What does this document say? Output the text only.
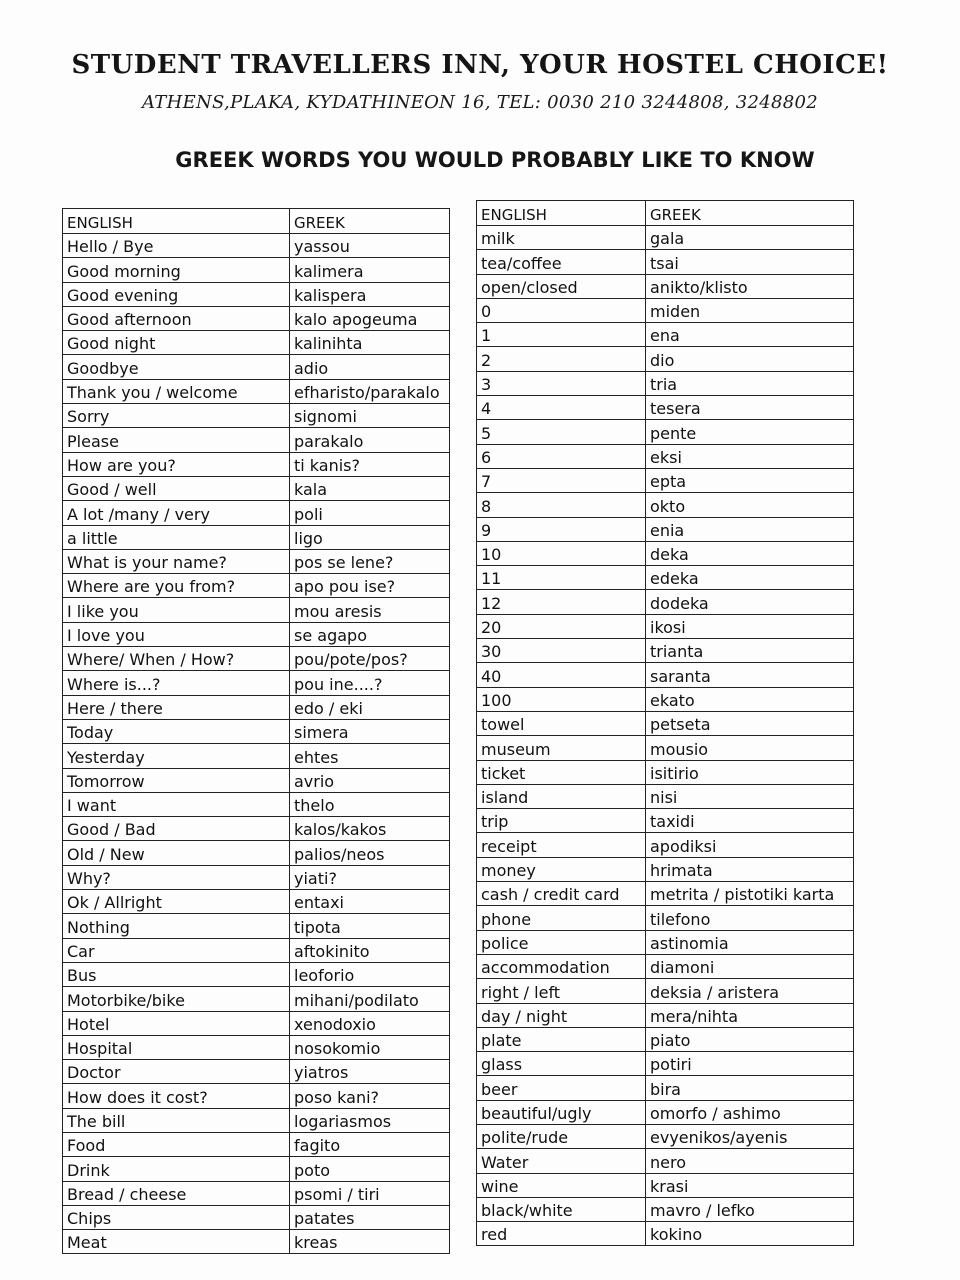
STUDENT TRAVELLERS INN, YOUR HOSTEL CHOICE!
ATHENS,PLAKA, KYDATHINEON 16, TEL: 0030 210 3244808, 3248802
GREEK WORDS YOU WOULD PROBABLY LIKE TO KNOW
ENGLISH	GREEK
Hello / Bye	yassou
Good morning	kalimera
Good evening	kalispera
Good afternoon	kalo apogeuma
Good night	kalinihta
Goodbye	adio
Thank you / welcome	efharisto/parakalo
Sorry	signomi
Please	parakalo
How are you?	ti kanis?
Good / well	kala
A lot /many / very	poli
a little	ligo
What is your name?	pos se lene?
Where are you from?	apo pou ise?
I like you	mou aresis
I love you	se agapo
Where/ When / How?	pou/pote/pos?
Where is...?	pou ine....?
Here / there	edo / eki
Today	simera
Yesterday	ehtes
Tomorrow	avrio
I want	thelo
Good / Bad	kalos/kakos
Old / New	palios/neos
Why?	yiati?
Ok / Allright	entaxi
Nothing	tipota
Car	aftokinito
Bus	leoforio
Motorbike/bike	mihani/podilato
Hotel	xenodoxio
Hospital	nosokomio
Doctor	yiatros
How does it cost?	poso kani?
The bill	logariasmos
Food	fagito
Drink	poto
Bread / cheese	psomi / tiri
Chips	patates
Meat	kreas
ENGLISH	GREEK
milk	gala
tea/coffee	tsai
open/closed	anikto/klisto
0	miden
1	ena
2	dio
3	tria
4	tesera
5	pente
6	eksi
7	epta
8	okto
9	enia
10	deka
11	edeka
12	dodeka
20	ikosi
30	trianta
40	saranta
100	ekato
towel	petseta
museum	mousio
ticket	isitirio
island	nisi
trip	taxidi
receipt	apodiksi
money	hrimata
cash / credit card	metrita / pistotiki karta
phone	tilefono
police	astinomia
accommodation	diamoni
right / left	deksia / aristera
day / night	mera/nihta
plate	piato
glass	potiri
beer	bira
beautiful/ugly	omorfo / ashimo
polite/rude	evyenikos/ayenis
Water	nero
wine	krasi
black/white	mavro / lefko
red	kokino
